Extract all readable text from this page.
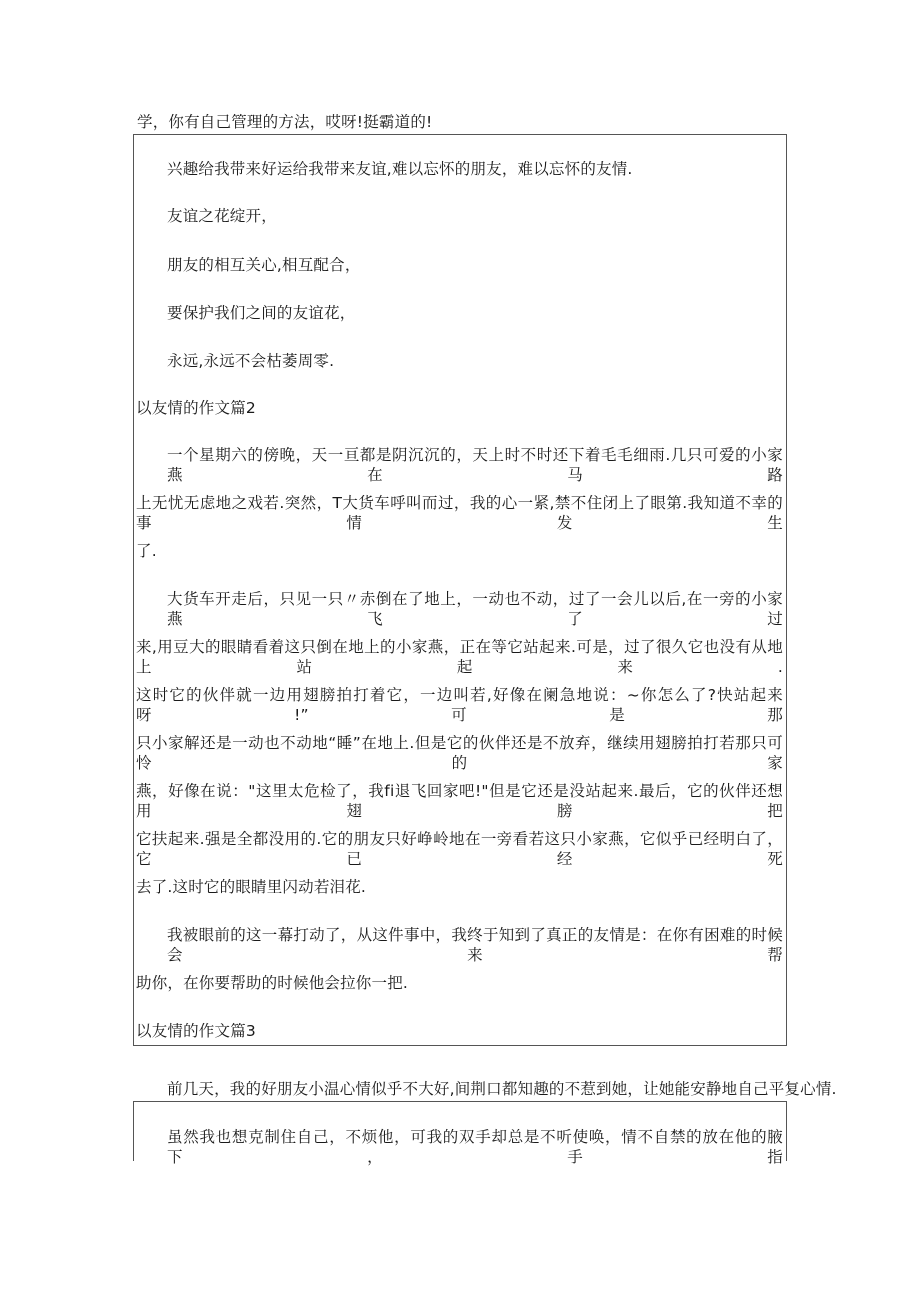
学，你有自己管理的方法，哎呀!挺霸道的!
兴趣给我带来好运给我带来友谊,难以忘怀的朋友，难以忘怀的友情.
友谊之花绽开，
朋友的相互关心,相互配合，
要保护我们之间的友谊花，
永远,永远不会枯萎周零.
以友情的作文篇2
一个星期六的傍晚，天一亘都是阴沉沉的，天上时不时还下着毛毛细雨.几只可爱的小家燕在马路
上无忧无虑地之戏若.突然，T大货车呼叫而过，我的心一紧,禁不住闭上了眼第.我知道不幸的事情发生
了.
大货车开走后，只见一只〃赤倒在了地上，一动也不动，过了一会儿以后,在一旁的小家燕飞了过
来,用豆大的眼睛看着这只倒在地上的小家燕，正在等它站起来.可是，过了很久它也没有从地上站起来.
这时它的伙伴就一边用翅膀拍打着它，一边叫若,好像在阑急地说：~你怎么了?快站起来呀!”可是那
只小家解还是一动也不动地“睡”在地上.但是它的伙伴还是不放弃，继续用翅膀拍打若那只可怜的家
燕，好像在说："这里太危检了，我fi退飞回家吧!"但是它还是没站起来.最后，它的伙伴还想用翅膀把
它扶起来.强是全都没用的.它的朋友只好峥岭地在一旁看若这只小家燕，它似乎已经明白了，它已经死
去了.这时它的眼睛里闪动若泪花.
我被眼前的这一幕打动了，从这件事中，我终于知到了真正的友情是：在你有困难的时候会来帮
助你，在你要帮助的时候他会拉你一把.
以友情的作文篇3
前几天，我的好朋友小温心情似乎不大好,间荆口都知趣的不惹到她，让她能安静地自己平复心情.
虽然我也想克制住自己，不烦他，可我的双手却总是不听使唤，情不自禁的放在他的腋下，手指
